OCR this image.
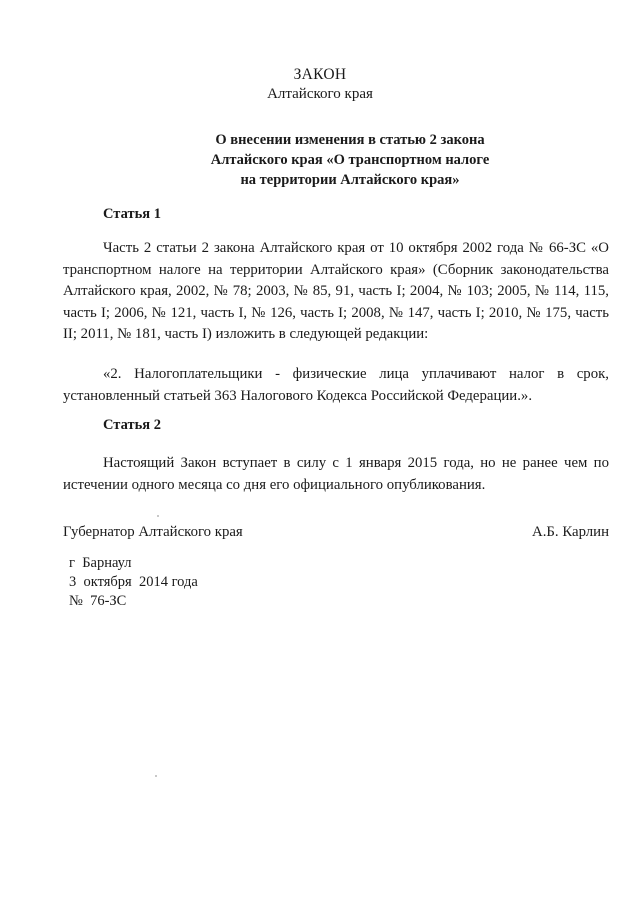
ЗАКОН
Алтайского края
О внесении изменения в статью 2 закона
Алтайского края «О транспортном налоге
на территории Алтайского края»
Статья 1
Часть 2 статьи 2 закона Алтайского края от 10 октября 2002 года № 66-ЗС «О транспортном налоге на территории Алтайского края» (Сборник законодательства Алтайского края, 2002, № 78; 2003, № 85, 91, часть I; 2004, № 103; 2005, № 114, 115, часть I; 2006, № 121, часть I, № 126, часть I; 2008, № 147, часть I; 2010, № 175, часть II; 2011, № 181, часть I) изложить в следующей редакции:
«2. Налогоплательщики - физические лица уплачивают налог в срок, установленный статьей 363 Налогового Кодекса Российской Федерации.».
Статья 2
Настоящий Закон вступает в силу с 1 января 2015 года, но не ранее чем по истечении одного месяца со дня его официального опубликования.
Губернатор Алтайского края	А.Б. Карлин
г  Барнаул
3  октября  2014 года
№  76-ЗС
